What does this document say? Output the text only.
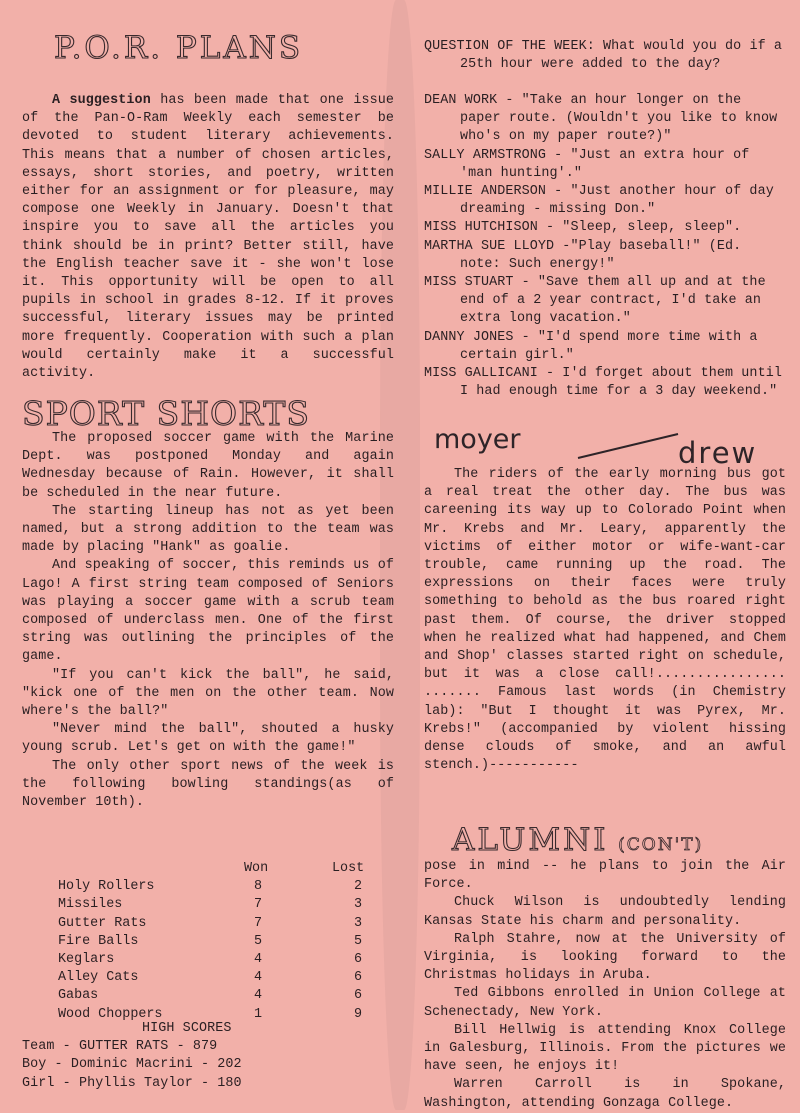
P.O.R. PLANS

A suggestion has been made that one issue of the Pan-O-Ram Weekly each semester be devoted to student literary achievements. This means that a number of chosen articles, essays, short stories, and poetry, written either for an assignment or for pleasure, may compose one Weekly in January. Doesn't that inspire you to save all the articles you think should be in print? Better still, have the English teacher save it - she won't lose it. This opportunity will be open to all pupils in school in grades 8-12. If it proves successful, literary issues may be printed more frequently. Cooperation with such a plan would certainly make it a successful activity.

SPORT SHORTS

The proposed soccer game with the Marine Dept. was postponed Monday and again Wednesday because of Rain. However, it shall be scheduled in the near future.

The starting lineup has not as yet been named, but a strong addition to the team was made by placing "Hank" as goalie.

And speaking of soccer, this reminds us of Lago! A first string team composed of Seniors was playing a soccer game with a scrub team composed of underclass men. One of the first string was outlining the principles of the game.

"If you can't kick the ball", he said, "kick one of the men on the other team. Now where's the ball?"

"Never mind the ball", shouted a husky young scrub. Let's get on with the game!"

The only other sport news of the week is the following bowling standings(as of November 10th).

	Won	Lost
Holy Rollers	8	2
Missiles	7	3
Gutter Rats	7	3
Fire Balls	5	5
Keglars	4	6
Alley Cats	4	6
Gabas	4	6
Wood Choppers	1	9
HIGH SCORES
Team - GUTTER RATS - 879
Boy - Dominic Macrini - 202
Girl - Phyllis Taylor - 180

QUESTION OF THE WEEK: What would you do if a 25th hour were added to the day?

DEAN WORK - "Take an hour longer on the paper route. (Wouldn't you like to know who's on my paper route?)"

SALLY ARMSTRONG - "Just an extra hour of 'man hunting'."

MILLIE ANDERSON - "Just another hour of day dreaming - missing Don."

MISS HUTCHISON - "Sleep, sleep, sleep".

MARTHA SUE LLOYD -"Play baseball!" (Ed. note: Such energy!"

MISS STUART - "Save them all up and at the end of a 2 year contract, I'd take an extra long vacation."

DANNY JONES - "I'd spend more time with a certain girl."

MISS GALLICANI - I'd forget about them until I had enough time for a 3 day weekend."

moyer	drew

The riders of the early morning bus got a real treat the other day. The bus was careening its way up to Colorado Point when Mr. Krebs and Mr. Leary, apparently the victims of either motor or wife-want-car trouble, came running up the road. The expressions on their faces were truly something to behold as the bus roared right past them. Of course, the driver stopped when he realized what had happened, and Chem and Shop' classes started right on schedule, but it was a close call!................ ....... Famous last words (in Chemistry lab): "But I thought it was Pyrex, Mr. Krebs!" (accompanied by violent hissing dense clouds of smoke, and an awful stench.)-----------

ALUMNI (CON'T)

pose in mind -- he plans to join the Air Force.

Chuck Wilson is undoubtedly lending Kansas State his charm and personality.

Ralph Stahre, now at the University of Virginia, is looking forward to the Christmas holidays in Aruba.

Ted Gibbons enrolled in Union College at Schenectady, New York.

Bill Hellwig is attending Knox College in Galesburg, Illinois. From the pictures we have seen, he enjoys it!

Warren Carroll is in Spokane, Washington, attending Gonzaga College.
